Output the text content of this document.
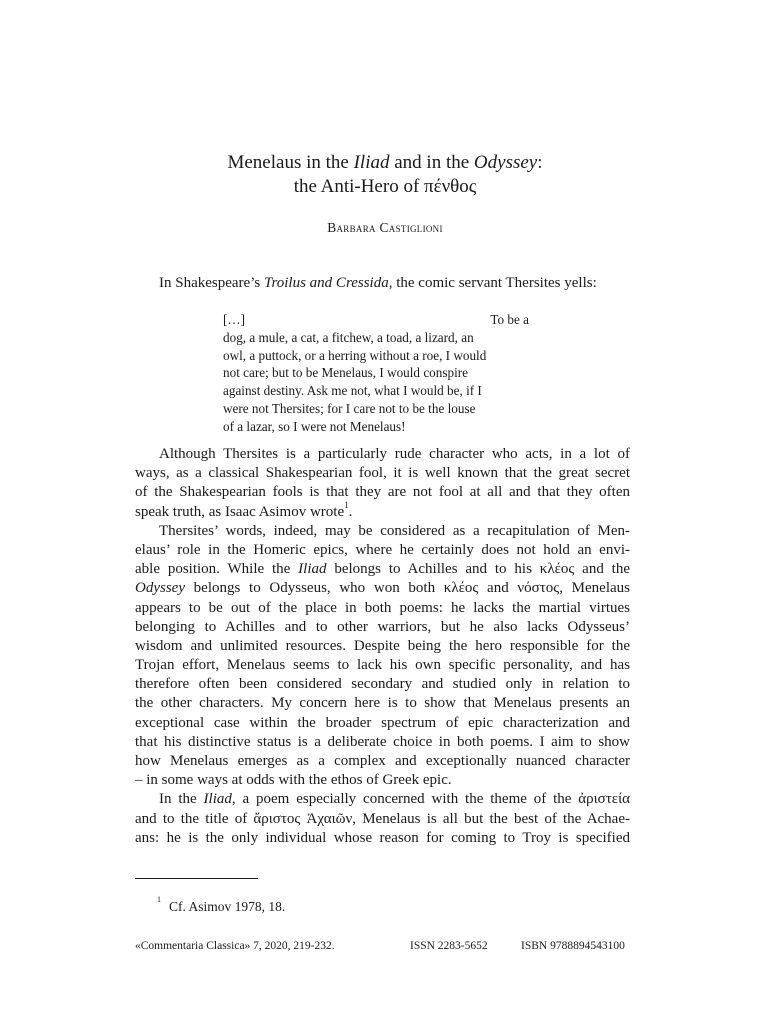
Menelaus in the Iliad and in the Odyssey:
the Anti-Hero of πένθος
Barbara Castiglioni
In Shakespeare’s Troilus and Cressida, the comic servant Thersites yells:
[…]	To be a
dog, a mule, a cat, a fitchew, a toad, a lizard, an
owl, a puttock, or a herring without a roe, I would
not care; but to be Menelaus, I would conspire
against destiny. Ask me not, what I would be, if I
were not Thersites; for I care not to be the louse
of a lazar, so I were not Menelaus!
Although Thersites is a particularly rude character who acts, in a lot of
ways, as a classical Shakespearian fool, it is well known that the great secret
of the Shakespearian fools is that they are not fool at all and that they often
speak truth, as Isaac Asimov wrote$^1$.
Thersites’ words, indeed, may be considered as a recapitulation of Men-
elaus’ role in the Homeric epics, where he certainly does not hold an envi-
able position. While the Iliad belongs to Achilles and to his κλέος and the
Odyssey belongs to Odysseus, who won both κλέος and νόστος, Menelaus
appears to be out of the place in both poems: he lacks the martial virtues
belonging to Achilles and to other warriors, but he also lacks Odysseus’
wisdom and unlimited resources. Despite being the hero responsible for the
Trojan effort, Menelaus seems to lack his own specific personality, and has
therefore often been considered secondary and studied only in relation to
the other characters. My concern here is to show that Menelaus presents an
exceptional case within the broader spectrum of epic characterization and
that his distinctive status is a deliberate choice in both poems. I aim to show
how Menelaus emerges as a complex and exceptionally nuanced character
– in some ways at odds with the ethos of Greek epic.
In the Iliad, a poem especially concerned with the theme of the ἀριστεία
and to the title of ἄριστος Ἀχαιῶν, Menelaus is all but the best of the Achae-
ans: he is the only individual whose reason for coming to Troy is specified
$^1$ Cf. Asimov 1978, 18.
«Commentaria Classica» 7, 2020, 219-232.	ISSN 2283-5652	ISBN 9788894543100
